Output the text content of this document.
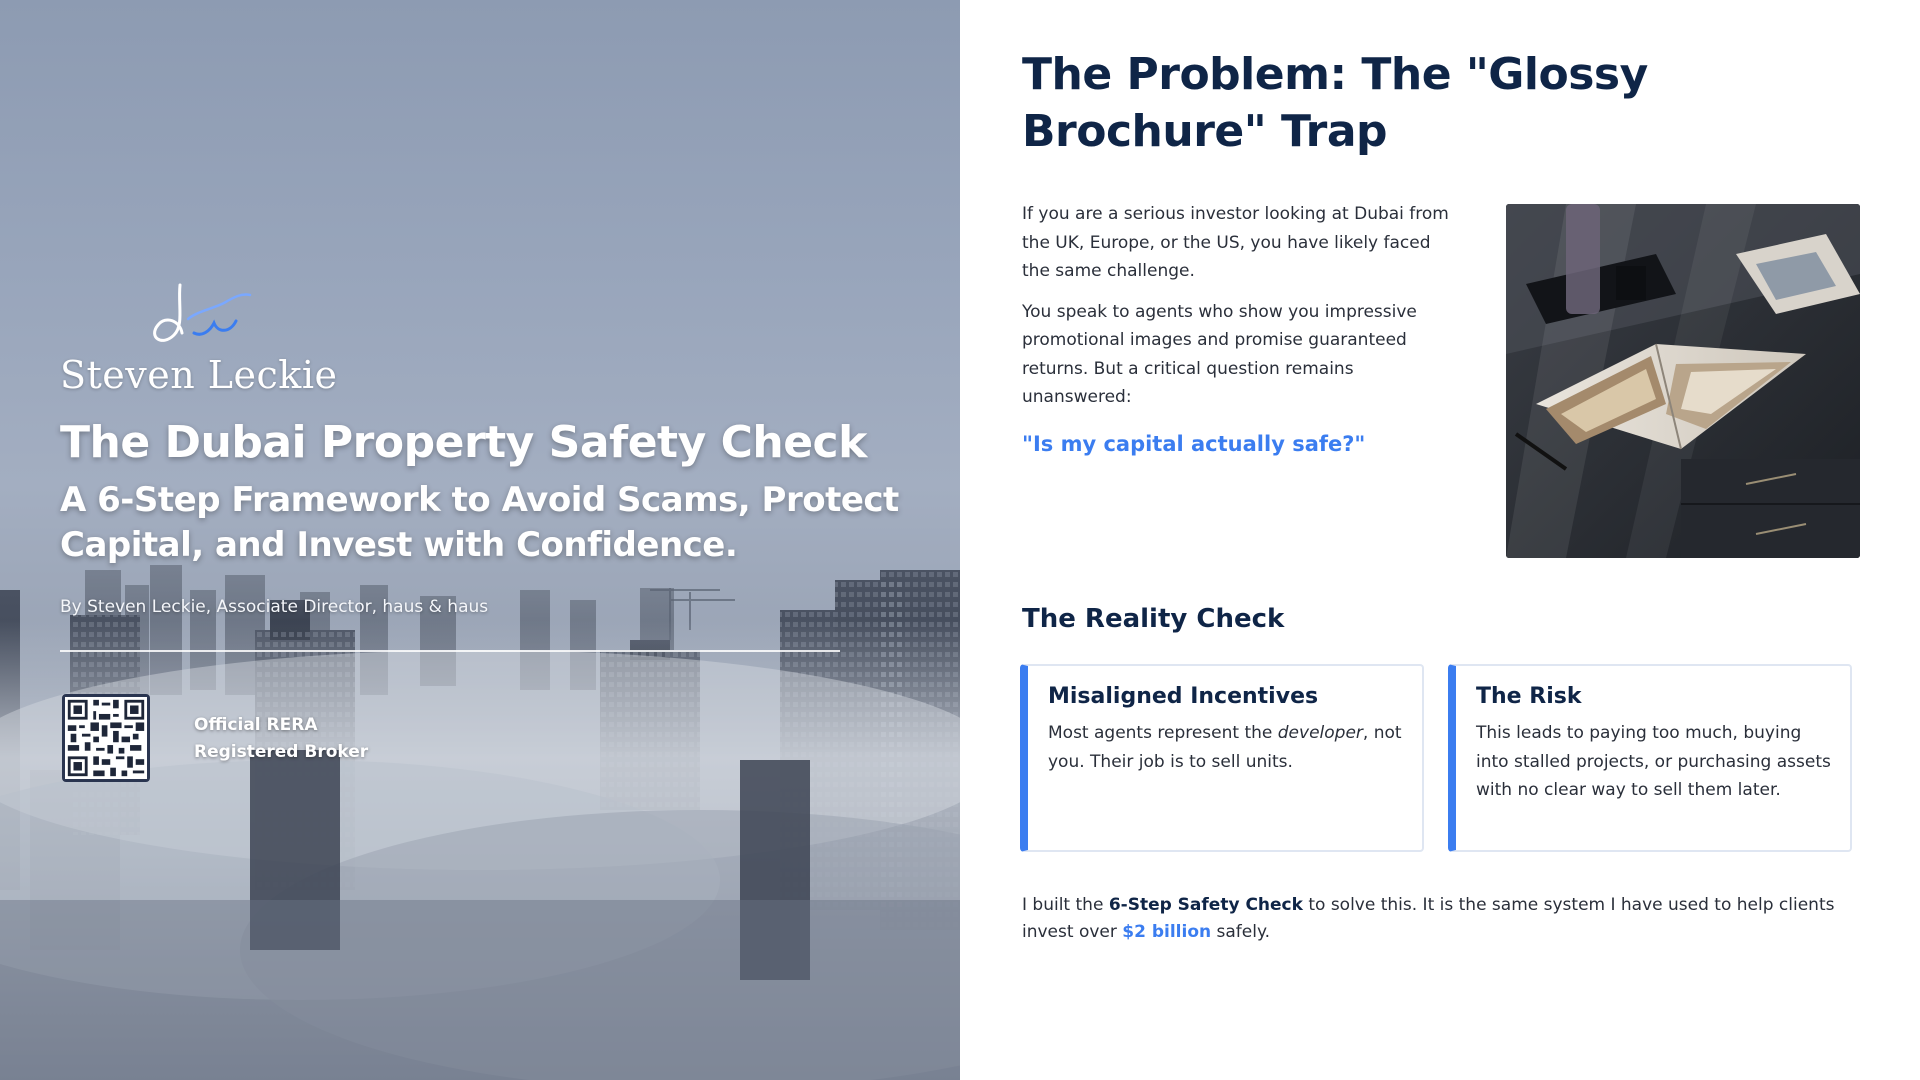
Steven Leckie
The Dubai Property Safety Check
A 6-Step Framework to Avoid Scams, Protect Capital, and Invest with Confidence.
By Steven Leckie, Associate Director, haus & haus
Official RERA
Registered Broker
The Problem: The "Glossy Brochure" Trap

If you are a serious investor looking at Dubai from the UK, Europe, or the US, you have likely faced the same challenge.

You speak to agents who show you impressive promotional images and promise guaranteed returns. But a critical question remains unanswered:

"Is my capital actually safe?"
The Reality Check
Misaligned Incentives

Most agents represent the developer, not you. Their job is to sell units.

The Risk

This leads to paying too much, buying into stalled projects, or purchasing assets with no clear way to sell them later.

I built the 6-Step Safety Check to solve this. It is the same system I have used to help clients invest over $2 billion safely.
